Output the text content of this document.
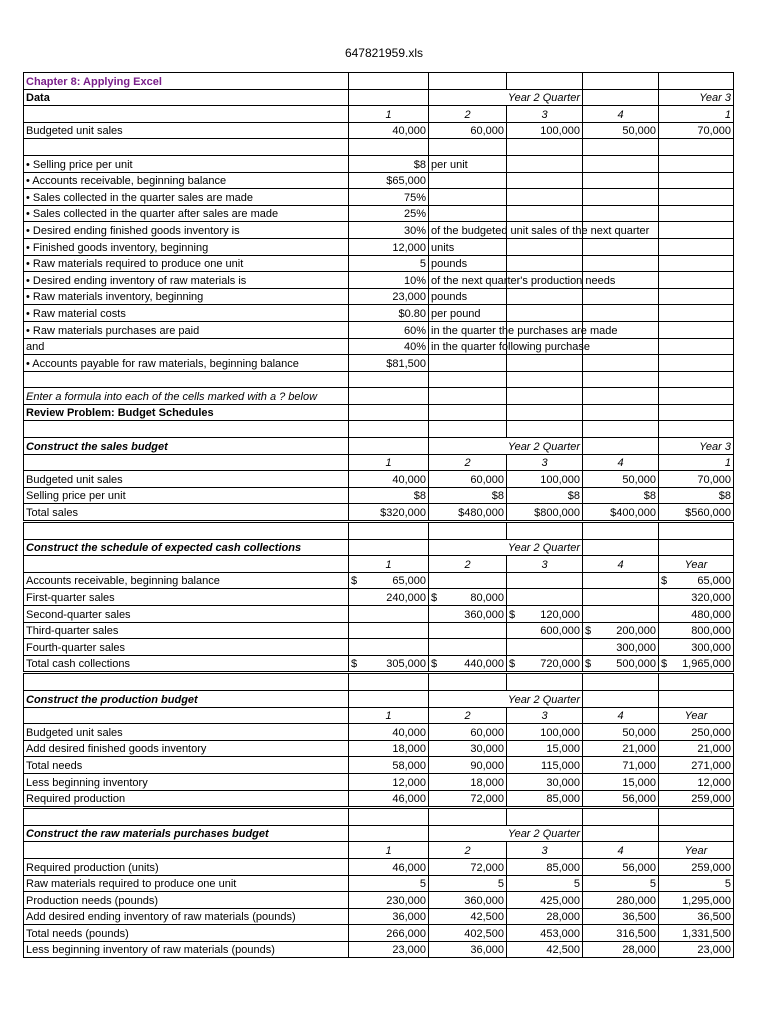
647821959.xls
Chapter 8: Applying Excel					
Data		Year 2 Quarter			Year 3
	1	2	3	4	1
Budgeted unit sales	40,000	60,000	100,000	50,000	70,000

• Selling price per unit	$8	per unit			
• Accounts receivable, beginning balance	$65,000				
• Sales collected in the quarter sales are made	75%				
• Sales collected in the quarter after sales are made	25%				
• Desired ending finished goods inventory is	30%	of the budgeted unit sales of the next quarter			
• Finished goods inventory, beginning	12,000	units			
• Raw materials required to produce one unit	5	pounds			
• Desired ending inventory of raw materials is	10%	of the next quarter's production needs			
• Raw materials inventory, beginning	23,000	pounds			
• Raw material costs	$0.80	per pound			
• Raw materials purchases are paid	60%	in the quarter the purchases are made			
and	40%	in the quarter following purchase			
• Accounts payable for raw materials, beginning balance	$81,500				

Enter a formula into each of the cells marked with a ? below					
Review Problem: Budget Schedules					

Construct the sales budget		Year 2 Quarter			Year 3
	1	2	3	4	1
Budgeted unit sales	40,000	60,000	100,000	50,000	70,000
Selling price per unit	$8	$8	$8	$8	$8
Total sales	$320,000	$480,000	$800,000	$400,000	$560,000

Construct the schedule of expected cash collections		Year 2 Quarter			
	1	2	3	4	Year
Accounts receivable, beginning balance	$ 65,000				$ 65,000
First-quarter sales	240,000	$ 80,000			320,000
Second-quarter sales		360,000	$ 120,000		480,000
Third-quarter sales			600,000	$ 200,000	800,000
Fourth-quarter sales				300,000	300,000
Total cash collections	$ 305,000	$ 440,000	$ 720,000	$ 500,000	$ 1,965,000

Construct the production budget		Year 2 Quarter			
	1	2	3	4	Year
Budgeted unit sales	40,000	60,000	100,000	50,000	250,000
Add desired finished goods inventory	18,000	30,000	15,000	21,000	21,000
Total needs	58,000	90,000	115,000	71,000	271,000
Less beginning inventory	12,000	18,000	30,000	15,000	12,000
Required production	46,000	72,000	85,000	56,000	259,000

Construct the raw materials purchases budget		Year 2 Quarter			
	1	2	3	4	Year
Required production (units)	46,000	72,000	85,000	56,000	259,000
Raw materials required to produce one unit	5	5	5	5	5
Production needs (pounds)	230,000	360,000	425,000	280,000	1,295,000
Add desired ending inventory of raw materials (pounds)	36,000	42,500	28,000	36,500	36,500
Total needs (pounds)	266,000	402,500	453,000	316,500	1,331,500
Less beginning inventory of raw materials (pounds)	23,000	36,000	42,500	28,000	23,000
